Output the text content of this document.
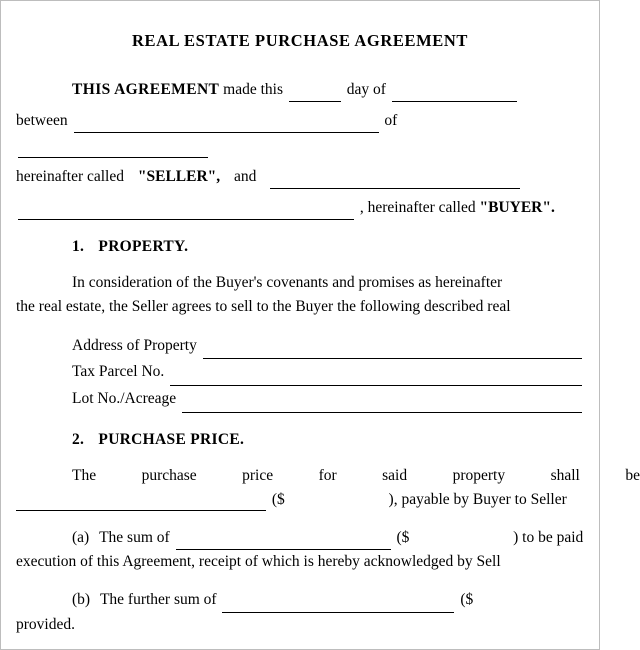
REAL ESTATE PURCHASE AGREEMENT
THIS AGREEMENT made this	day of
between	of
hereinafter called "SELLER", and
, hereinafter called "BUYER".
1. PROPERTY.
In consideration of the Buyer's covenants and promises as hereinafter
the real estate, the Seller agrees to sell to the Buyer the following described real
Address of Property
Tax Parcel No.
Lot No./Acreage
2. PURCHASE PRICE.
The	purchase	price	for	said	property	shall	be
($	), payable by Buyer to Seller
(a) The sum of	($	) to be paid
execution of this Agreement, receipt of which is hereby acknowledged by Sell
(b) The further sum of	($
provided.
